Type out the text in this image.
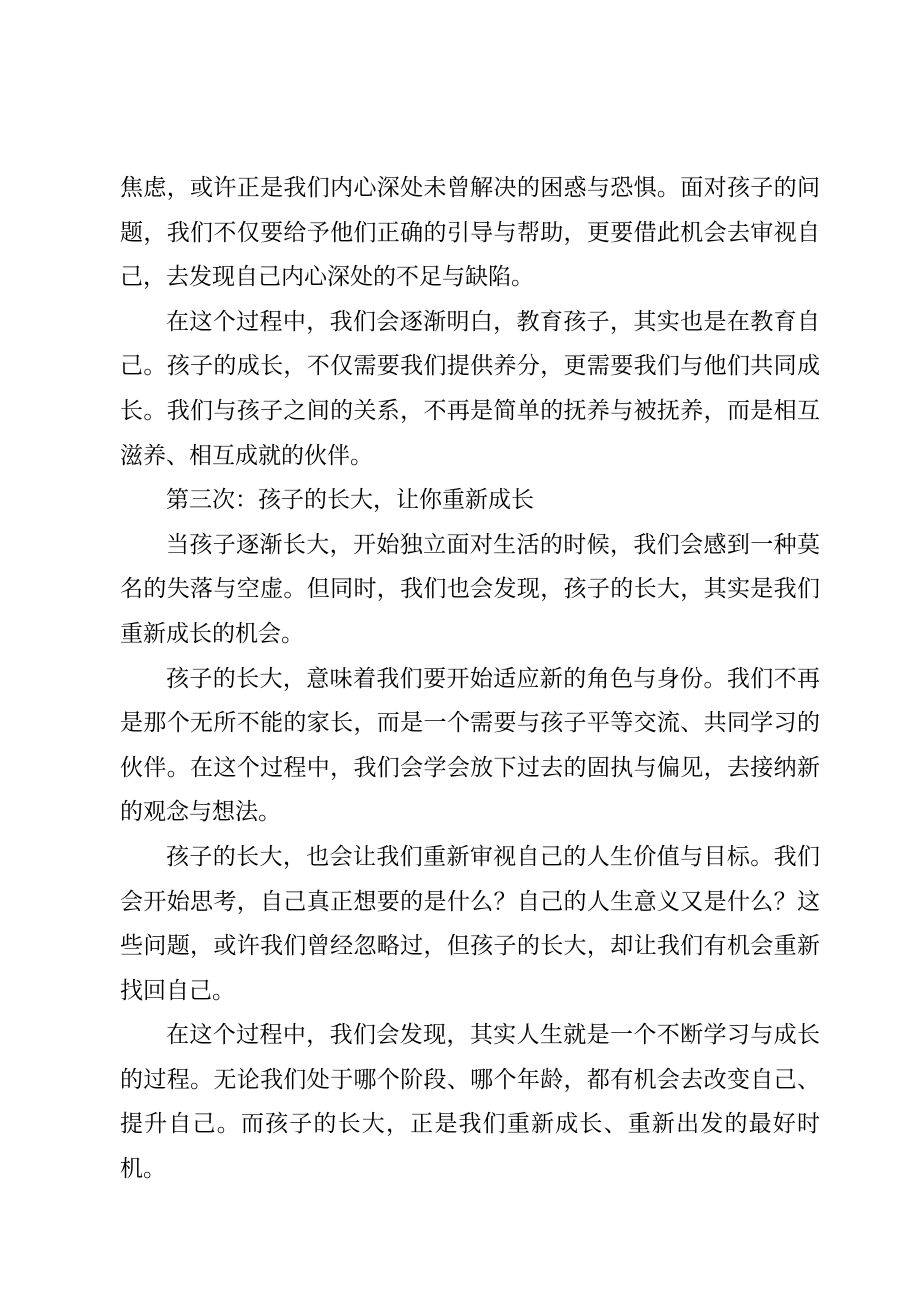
焦虑，或许正是我们内心深处未曾解决的困惑与恐惧。面对孩子的问题，我们不仅要给予他们正确的引导与帮助，更要借此机会去审视自己，去发现自己内心深处的不足与缺陷。

在这个过程中，我们会逐渐明白，教育孩子，其实也是在教育自己。孩子的成长，不仅需要我们提供养分，更需要我们与他们共同成长。我们与孩子之间的关系，不再是简单的抚养与被抚养，而是相互滋养、相互成就的伙伴。

第三次：孩子的长大，让你重新成长

当孩子逐渐长大，开始独立面对生活的时候，我们会感到一种莫名的失落与空虚。但同时，我们也会发现，孩子的长大，其实是我们重新成长的机会。

孩子的长大，意味着我们要开始适应新的角色与身份。我们不再是那个无所不能的家长，而是一个需要与孩子平等交流、共同学习的伙伴。在这个过程中，我们会学会放下过去的固执与偏见，去接纳新的观念与想法。

孩子的长大，也会让我们重新审视自己的人生价值与目标。我们会开始思考，自己真正想要的是什么？自己的人生意义又是什么？这些问题，或许我们曾经忽略过，但孩子的长大，却让我们有机会重新找回自己。

在这个过程中，我们会发现，其实人生就是一个不断学习与成长的过程。无论我们处于哪个阶段、哪个年龄，都有机会去改变自己、提升自己。而孩子的长大，正是我们重新成长、重新出发的最好时机。
